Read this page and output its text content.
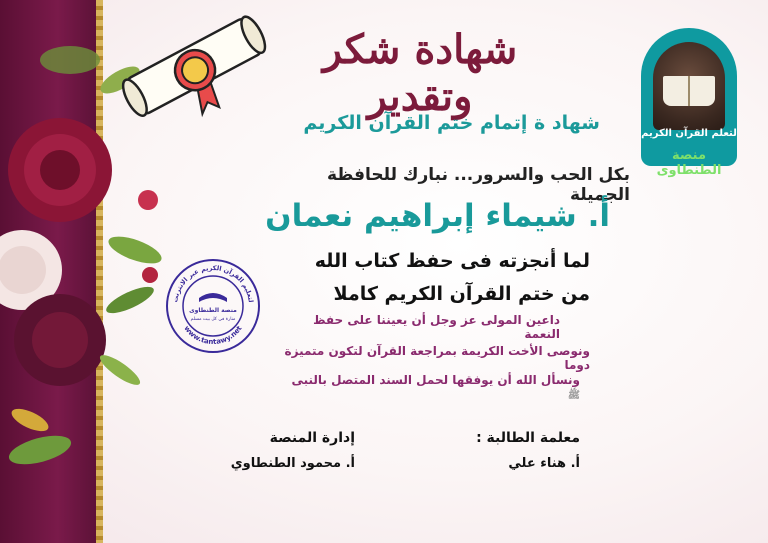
شهادة شكر وتقدير
لتعلم القرآن الكريم
منصة الطنطاوى
شهاد ة إتمام ختم القرآن الكريم
بكل الحب والسرور... نبارك للحافظة الجميلة
أ. شيماء إبراهيم نعمان
لما أنجزته فى حفظ كتاب الله
من ختم القرآن الكريم كاملا
داعين المولى عز وجل أن يعيننا على حفظ النعمة
ونوصى الأخت الكريمة بمراجعة القرآن لتكون متميزة دوما
ونسأل الله أن يوفقها لحمل السند المتصل بالنبى ﷺ
لتعليم القرآن الكريم عبر الانترنت
منصة الطنطاوى
منارة في كل بيت مسلم
www.tantawy.net
إدارة المنصة
أ. محمود الطنطاوي
معلمة الطالبة :
أ. هناء علي
